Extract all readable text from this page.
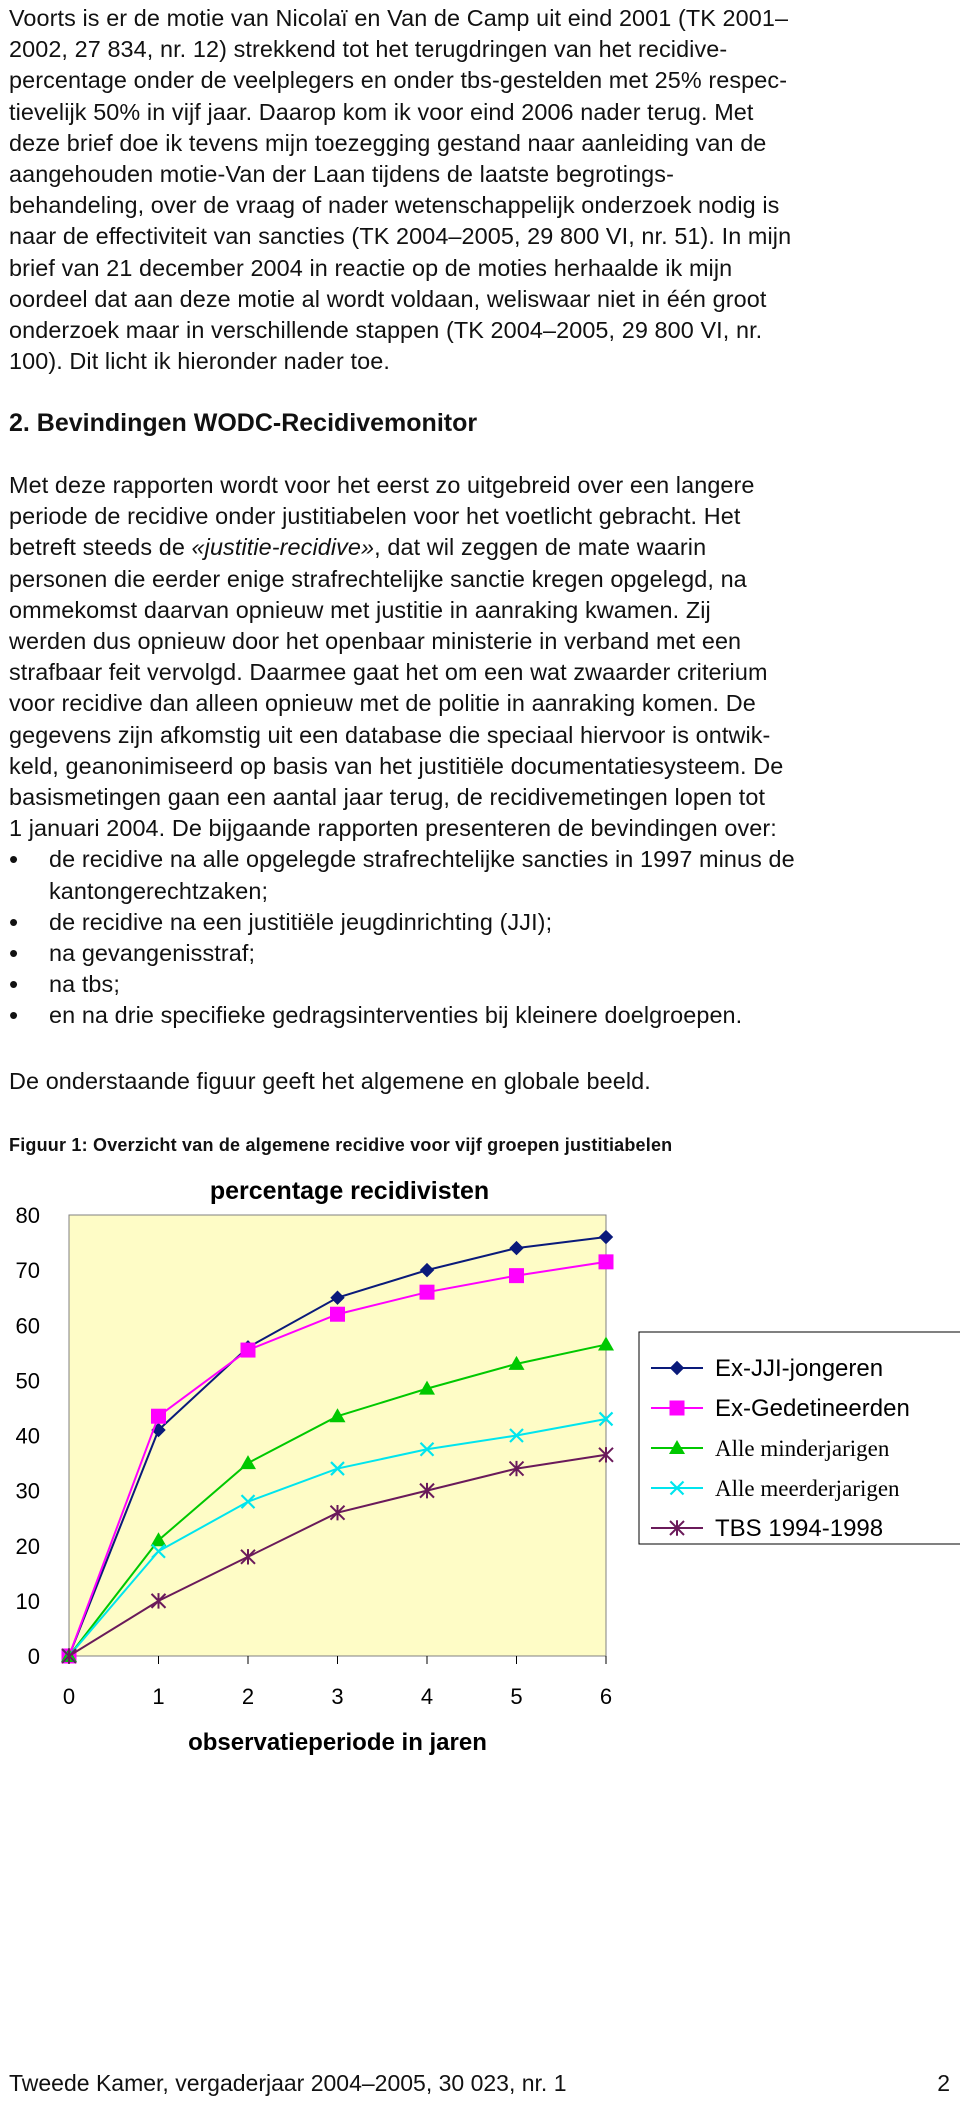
Voorts is er de motie van Nicolaï en Van de Camp uit eind 2001 (TK 2001–
2002, 27 834, nr. 12) strekkend tot het terugdringen van het recidive-
percentage onder de veelplegers en onder tbs-gestelden met 25% respec-
tievelijk 50% in vijf jaar. Daarop kom ik voor eind 2006 nader terug. Met
deze brief doe ik tevens mijn toezegging gestand naar aanleiding van de
aangehouden motie-Van der Laan tijdens de laatste begrotings-
behandeling, over de vraag of nader wetenschappelijk onderzoek nodig is
naar de effectiviteit van sancties (TK 2004–2005, 29 800 VI, nr. 51). In mijn
brief van 21 december 2004 in reactie op de moties herhaalde ik mijn
oordeel dat aan deze motie al wordt voldaan, weliswaar niet in één groot
onderzoek maar in verschillende stappen (TK 2004–2005, 29 800 VI, nr.
100). Dit licht ik hieronder nader toe.
2. Bevindingen WODC-Recidivemonitor
Met deze rapporten wordt voor het eerst zo uitgebreid over een langere
periode de recidive onder justitiabelen voor het voetlicht gebracht. Het
betreft steeds de «justitie-recidive», dat wil zeggen de mate waarin
personen die eerder enige strafrechtelijke sanctie kregen opgelegd, na
ommekomst daarvan opnieuw met justitie in aanraking kwamen. Zij
werden dus opnieuw door het openbaar ministerie in verband met een
strafbaar feit vervolgd. Daarmee gaat het om een wat zwaarder criterium
voor recidive dan alleen opnieuw met de politie in aanraking komen. De
gegevens zijn afkomstig uit een database die speciaal hiervoor is ontwik-
keld, geanonimiseerd op basis van het justitiële documentatiesysteem. De
basismetingen gaan een aantal jaar terug, de recidivemetingen lopen tot
1 januari 2004. De bijgaande rapporten presenteren de bevindingen over:
• de recidive na alle opgelegde strafrechtelijke sancties in 1997 minus de
kantongerechtzaken;
• de recidive na een justitiële jeugdinrichting (JJI);
• na gevangenisstraf;
• na tbs;
• en na drie specifieke gedragsinterventies bij kleinere doelgroepen.
De onderstaande figuur geeft het algemene en globale beeld.
Figuur 1: Overzicht van de algemene recidive voor vijf groepen justitiabelen
percentage recidivisten
0
10
20
30
40
50
60
70
80
0	1	2	3	4	5	6
observatieperiode in jaren
Ex-JJI-jongeren
Ex-Gedetineerden
Alle minderjarigen
Alle meerderjarigen
TBS 1994-1998
Tweede Kamer, vergaderjaar 2004–2005, 30 023, nr. 1	2
